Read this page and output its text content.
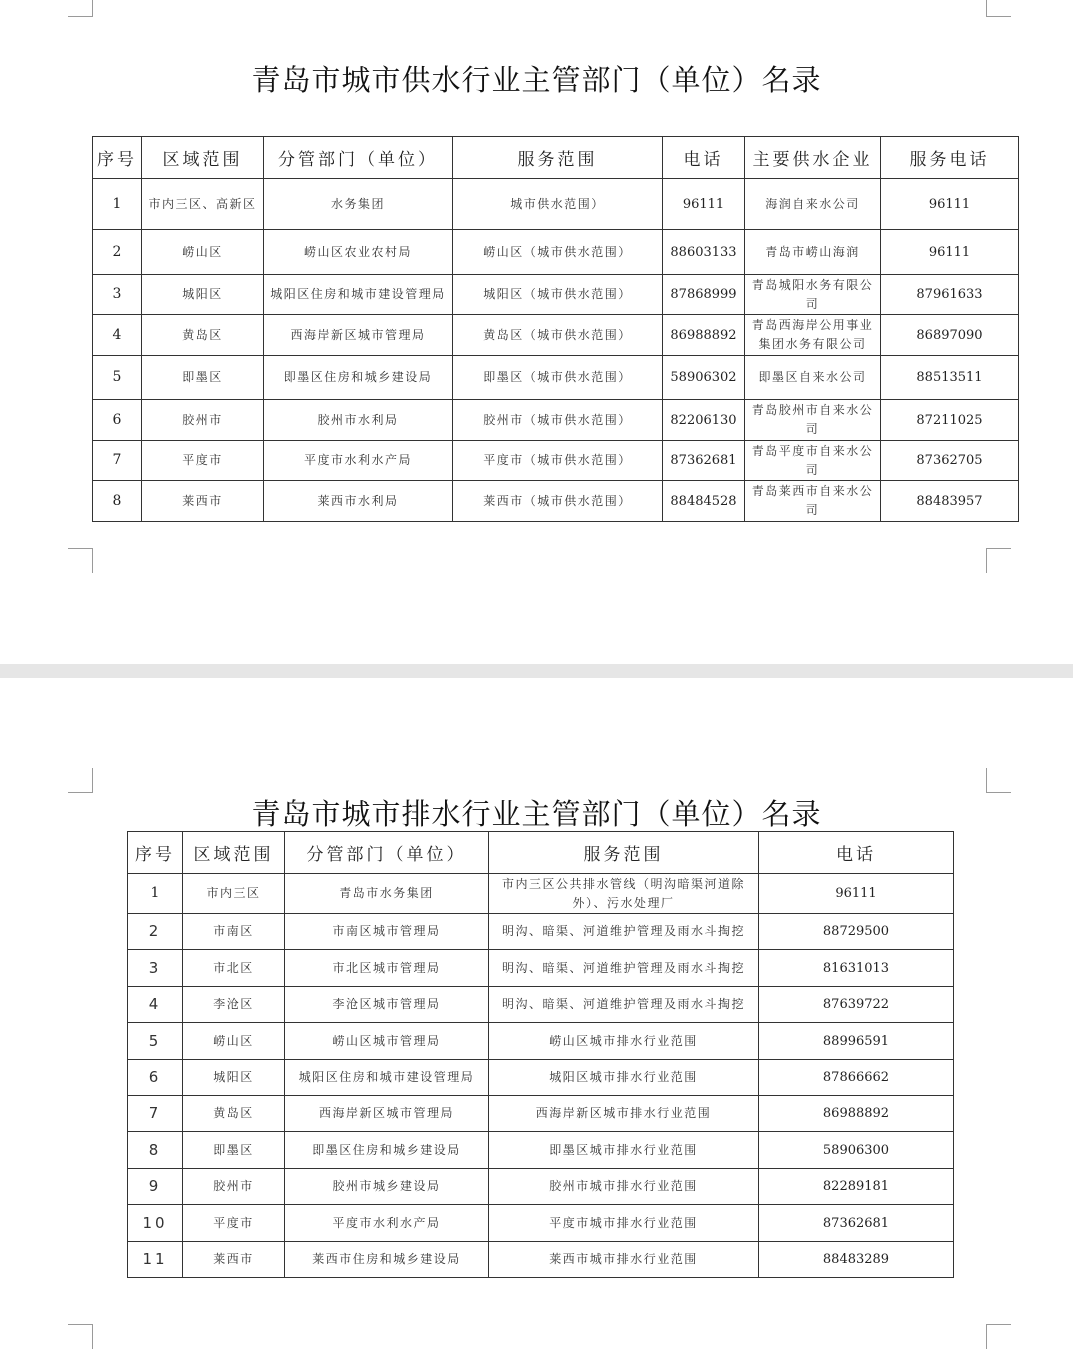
青岛市城市供水行业主管部门（单位）名录
序号	区域范围	分管部门（单位）	服务范围	电话	主要供水企业	服务电话
1	市内三区、高新区	水务集团	城市供水范围）	96111	海润自来水公司	96111
2	崂山区	崂山区农业农村局	崂山区（城市供水范围）	88603133	青岛市崂山海润	96111
3	城阳区	城阳区住房和城市建设管理局	城阳区（城市供水范围）	87868999	青岛城阳水务有限公司	87961633
4	黄岛区	西海岸新区城市管理局	黄岛区（城市供水范围）	86988892	青岛西海岸公用事业集团水务有限公司	86897090
5	即墨区	即墨区住房和城乡建设局	即墨区（城市供水范围）	58906302	即墨区自来水公司	88513511
6	胶州市	胶州市水利局	胶州市（城市供水范围）	82206130	青岛胶州市自来水公司	87211025
7	平度市	平度市水利水产局	平度市（城市供水范围）	87362681	青岛平度市自来水公司	87362705
8	莱西市	莱西市水利局	莱西市（城市供水范围）	88484528	青岛莱西市自来水公司	88483957
青岛市城市排水行业主管部门（单位）名录
序号	区域范围	分管部门（单位）	服务范围	电话
1	市内三区	青岛市水务集团	市内三区公共排水管线（明沟暗渠河道除外）、污水处理厂	96111
2	市南区	市南区城市管理局	明沟、暗渠、河道维护管理及雨水斗掏挖	88729500
3	市北区	市北区城市管理局	明沟、暗渠、河道维护管理及雨水斗掏挖	81631013
4	李沧区	李沧区城市管理局	明沟、暗渠、河道维护管理及雨水斗掏挖	87639722
5	崂山区	崂山区城市管理局	崂山区城市排水行业范围	88996591
6	城阳区	城阳区住房和城市建设管理局	城阳区城市排水行业范围	87866662
7	黄岛区	西海岸新区城市管理局	西海岸新区城市排水行业范围	86988892
8	即墨区	即墨区住房和城乡建设局	即墨区城市排水行业范围	58906300
9	胶州市	胶州市城乡建设局	胶州市城市排水行业范围	82289181
10	平度市	平度市水利水产局	平度市城市排水行业范围	87362681
11	莱西市	莱西市住房和城乡建设局	莱西市城市排水行业范围	88483289
